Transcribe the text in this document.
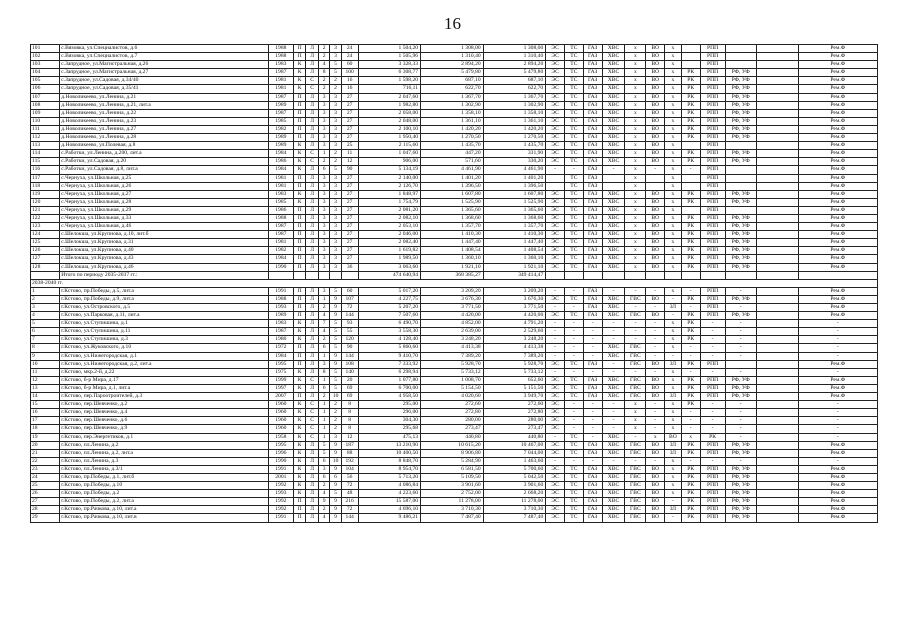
16
101	с.Вязовка, ул.Специалистов, д.6	1988	П	Л	2	3	24	1 504,20	1 308,00	1 308,00	ЭС	ТС	ГАЗ	ХВС	х	ВО	х		РПП			Рем.Ф
102	с.Вязовка, ул.Специалистов, д.7	1988	П	Л	2	3	24	1 505,96	1 310,40	1 310,40	ЭС	ТС	ГАЗ	ХВС	х	ВО	х		РПП			Рем.Ф
103	с.Запрудное, ул.Магистральная, д.26	1983	К	Л	4	5	60	3 328,33	2 894,20	2 894,20	ЭС	ТС	ГАЗ	ХВС	х	ВО	х		РПП			Рем.Ф
104	с.Запрудное, ул.Магистральная, д.27	1987	К	Л	8	5	100	6 308,77	5 479,80	5 479,80	ЭС	ТС	ГАЗ	ХВС	х	ВО	х	РК	РПП	РФ, УФ		Рем.Ф
105	с.Запрудное, ул.Садовая, д.34/40	1981	К	С	2	2	16	1 598,20	687,10	687,10	ЭС	ТС	ГАЗ	ХВС	х	ВО	х	РК	РПП	РФ, УФ		Рем.Ф
106	с.Запрудное, ул.Садовая, д.35/41	1981	К	С	2	2	16	716,11	622,70	622,70	ЭС	ТС	ГАЗ	ХВС	х	ВО	х	РК	РПП	РФ, УФ		Рем.Ф
107	д.Новоликеево, ул.Ленина, д.21	1987	П	Л	3	3	27	2 047,60	1 367,70	1 367,70	ЭС	ТС	ГАЗ	ХВС	х	ВО	х	РК	РПП	РФ, УФ		Рем.Ф
108	д.Новоликеево, ул.Ленина, д.21, лит.а	1989	П	Л	3	3	27	1 982,80	1 302,90	1 302,90	ЭС	ТС	ГАЗ	ХВС	х	ВО	х	РК	РПП	РФ, УФ		Рем.Ф
109	д.Новоликеево, ул.Ленина, д.22	1987	П	Л	3	3	27	2 058,00	1 358,10	1 358,10	ЭС	ТС	ГАЗ	ХВС	х	ВО	х	РК	РПП	РФ, УФ		Рем.Ф
110	д.Новоликеево, ул.Ленина, д.23	1985	П	Л	3	3	27	2 048,00	1 361,10	1 361,10	ЭС	ТС	ГАЗ	ХВС	х	ВО	х	РК	РПП	РФ, УФ		Рем.Ф
111	д.Новоликеево, ул.Ленина, д.27	1982	П	Л	3	3	27	2 100,10	1 420,20	1 420,20	ЭС	ТС	ГАЗ	ХВС	х	ВО	х	РК	РПП	РФ, УФ		Рем.Ф
112	д.Новоликеево, ул.Ленина, д.28	1989	П	Л	3	3	27	1 950,40	1 270,50	1 270,50	ЭС	ТС	ГАЗ	ХВС	х	ВО	х	РК	РПП	РФ, УФ		Рем.Ф
113	д.Новоликеево, ул.Полевая, д.8	1989	К	Л	3	3	25	2 115,60	1 435,70	1 435,70	ЭС	ТС	ГАЗ	ХВС	х	ВО	х		РПП			Рем.Ф
114	с.Работки, ул.Ленина, д.200, лит.а	1984	К	С	1	2	11	1 047,60	447,20	331,90	ЭС	ТС	ГАЗ	ХВС	х	ВО	х	РК	РПП	РФ, УФ		Рем.Ф
115	с.Работки, ул.Садовая, д.20	1986	К	С	2	2	12	906,00	571,60	330,20	ЭС	ТС	ГАЗ	ХВС	х	ВО	х	РК	РПП	РФ, УФ		Рем.Ф
116	с.Работки, ул.Садовая, д.8, лит.а	1984	К	Л	6	5	90	5 134,19	4 461,90	4 461,90	-	-	ГАЗ	-	х	-	х	-	РПП			Рем.Ф
117	с.Чернуха, ул.Школьная, д.25	1981	П	Л	3	3	27	2 140,00	1 401,20	1 401,20		ТС	ГАЗ		х		х		РПП			Рем.Ф
118	с.Чернуха, ул.Школьная, д.26	1981	П	Л	3	3	27	2 126,70	1 396,50	1 396,50		ТС	ГАЗ		х		х		РПП			Рем.Ф
119	с.Чернуха, ул.Школьная, д.27	1983	К	Л	3	3	27	1 848,97	1 607,80	1 607,80	ЭС	ТС	ГАЗ	ХВС	х	ВО	х	РК	РПП	РФ, УФ		Рем.Ф
120	с.Чернуха, ул.Школьная, д.28	1985	К	Л	3	3	27	1 754,79	1 525,90	1 525,90	ЭС	ТС	ГАЗ	ХВС	х	ВО	х	РК	РПП	РФ, УФ		Рем.Ф
121	с.Чернуха, ул.Школьная, д.29	1986	П	Л	3	3	27	2 081,20	1 365,60	1 365,60	ЭС	ТС	ГАЗ	ХВС	х	ВО	х		РПП			Рем.Ф
122	с.Чернуха, ул.Школьная, д.33	1988	П	Л	3	3	27	2 082,10	1 368,60	1 368,60	ЭС	ТС	ГАЗ	ХВС	х	ВО	х	РК	РПП	РФ, УФ		Рем.Ф
123	с.Чернуха, ул.Школьная, д.46	1987	П	Л	3	3	27	2 053,10	1 357,70	1 357,70	ЭС	ТС	ГАЗ	ХВС	х	ВО	х	РК	РПП	РФ, УФ		Рем.Ф
124	с.Шелокша, ул.Крупнова, д.10, лит.б	1987	П	Л	3	3	27	2 046,00	1 410,30	1 410,30	ЭС	ТС	ГАЗ	ХВС	х	ВО	х	РК	РПП	РФ, УФ		Рем.Ф
125	с.Шелокша, ул.Крупнова, д.31	1981	П	Л	3	3	27	2 082,40	1 447,40	1 447,40	ЭС	ТС	ГАЗ	ХВС	х	ВО	х	РК	РПП	РФ, УФ		Рем.Ф
126	с.Шелокша, ул.Крупнова, д.40	1982	П	Л	3	3	27	1 619,82	1 408,54	1 408,54	ЭС	ТС	ГАЗ	ХВС	х	ВО	х	РК	РПП	РФ, УФ		Рем.Ф
127	с.Шелокша, ул.Крупнова, д.43	1984	П	Л	3	3	27	1 989,50	1 360,10	1 360,10	ЭС	ТС	ГАЗ	ХВС	х	ВО	х	РК	РПП	РФ, УФ		Рем.Ф
128	с.Шелокша, ул.Крупнова, д.46	1990	П	Л	3	3	36	3 063,60	1 921,10	1 921,10	ЭС	ТС	ГАЗ	ХВС	х	ВО	х	РК	РПП	РФ, УФ		Рем.Ф
	Итого по периоду 2035-2037 гг.:							474 640,94	368 385,27	349 414,47												
2038-2040 гг.																						
1	г.Кстово, пр.Победы, д.5, лит.а	1991	П	Л	3	5	60	5 017,20	3 209,20	3 209,20	-	-	ГАЗ	-	-	-	х	-	РПП	-		Рем.Ф
2	г.Кстово, пр.Победы, д.9, лит.а	1988	П	Л	1	9	107	4 227,75	3 676,30	3 676,30	ЭС	ТС	ГАЗ	ХВС	ГВС	ВО	-	РК	РПП	РФ, УФ		Рем.Ф
3	г.Кстово, ул.Островского, д.5	1993	П	Л	2	9	72	5 207,20	3 771,50	3 771,50	-	-	ГАЗ	ХВС	-	-	ЗЛ	-	РПП	-		Рем.Ф
4	г.Кстово, ул.Парковая, д.11, лит.а	1989	П	Л	4	9	144	7 507,60	4 420,00	4 420,00	ЭС	ТС	ГАЗ	ХВС	ГВС	ВО	-	РК	РПП	РФ, УФ		Рем.Ф
5	г.Кстово, ул.Ступишина, д.1	1983	К	Л	7	5	93	6 490,70	4 852,00	4 791,20	-	-	-	-	-	-	х	РК	-	-		-
6	г.Кстово, ул.Ступишина, д.11	1987	К	Л	4	5	55	3 558,30	2 639,00	2 529,60	-	-	-	-	-	-	х	РК	-	-		-
7	г.Кстово, ул.Ступишина, д.3	1980	К	Л	2	5	120	4 128,40	3 248,20	3 248,20	-	-	-	-	-	-	х	РК	-	-		-
8	г.Кстово, ул.Жуковского, д.10	1972	П	Л	6	5	90	5 860,60	4 413,38	4 413,38	-	-	-	ХВС	ГВС	-	х	-	-	-		-
9	г.Кстово, ул.Нижегородская, д.1	1984	П	Л	1	9	144	9 410,70	7 389,20	7 389,20	-	-	-	ХВС	ГВС	-	-	-	-	-		-
10	г.Кстово, ул.Нижегородская, д.2, лит.а	1995	П	Л	3	9	108	7 333,92	5 928,70	5 928,70	ЭС	ТС	ГАЗ	-	ГВС	ВО	ЗЛ	РК	РПП			Рем.Ф
11	г.Кстово, мкр.2-й, д.22	1975	К	Л	8	5	140	6 298,94	5 733,12	5 733,12	-	-	-	-	-	-	х	-	-	-		-
12	г.Кстово, б-р Мира, д.17	1999	К	С	1	5	20	1 077,80	1 008,70	652,60	ЭС	ТС	ГАЗ	ХВС	ГВС	ВО	х	РК	РПП	РФ, УФ		Рем.Ф
13	г.Кстово, б-р Мира, д.1, лит.а	1997	К	Л	6	5	69	6 700,00	5 154,50	5 151,50	ЭС	ТС	ГАЗ	ХВС	ГВС	ВО	х	РК	РПП	РФ, УФ		Рем.Ф
14	г.Кстово, пер.Пароотроителей, д.3	2007	П	Л	2	10	69	4 958,50	4 020,60	3 949,70	ЭС	ТС	ГАЗ	ХВС	ГВС	ВО	ЗЛ	РК	РПП	РФ, УФ		Рем.Ф
15	г.Кстово, пер.Шевченко, д.2	1960	К	С	1	2	8	295,00	272,60	272,60	ЭС	-	-	-	х	-	х	РК	-	-		-
16	г.Кстово, пер.Шевченко, д.4	1960	К	С	1	2	8	296,00	272,80	272,80	ЭС	-	-	-	х	-	х	-	-	-		-
17	г.Кстово, пер.Шевченко, д.6	1960	К	С	1	2	8	304,30	280,00	280,00	ЭС	-	-	-	х	-	х	-	-	-		-
18	г.Кстово, пер.Шевченко, д.9	1960	К	С	1	2	8	295,68	273,47	273,47	ЭС	-	-	-	х	-	х	-	-	-		-
19	г.Кстово, пер.Энергетиков, д.1	1958	К	С	1	3	12	475,13	440,80	440,80	-	ТС	-	ХВС	-	х	ВО	х	РК	-		-
20	г.Кстово, пл.Ленина, д.2	1995	К	Л	5	9	187	13 210,90	10 615,20	10 467,00	ЭС	ТС	ГАЗ	ХВС	ГВС	ВО	ЗЛ	РК	РПП	РФ, УФ		Рем.Ф
21	г.Кстово, пл.Ленина, д.2, лит.а	1996	К	Л	5	9	88	10 400,50	8 906,80	7 044,00	ЭС	ТС	ГАЗ	ХВС	ГВС	ВО	ЗЛ	РК	РПП	РФ, УФ		Рем.Ф
22	г.Кстово, пл.Ленина, д.3	1990	К	Л	6	10	192	8 848,70	5 284,90	1 463,60	-	-	-	-	-	-	х	-	-	-		-
23	г.Кстово, пл.Ленина, д.3/1	1991	К	Л	3	9	104	8 954,70	6 581,50	5 700,60	ЭС	ТС	ГАЗ	ХВС	ГВС	ВО	х	РК	РПП	РФ, УФ		Рем.Ф
24	г.Кстово, пр.Победы, д.1, лит.б	2001	К	Л	6	6	56	5 713,20	5 109,50	5 042,50	ЭС	ТС	ГАЗ	ХВС	ГВС	ВО	х	РК	РПП	РФ, УФ		Рем.Ф
25	г.Кстово, пр.Победы, д.10	1992	К	Л	2	9	72	4 086,84	3 901,60	3 901,60	ЭС	ТС	ГАЗ	ХВС	ГВС	ВО	х	РК	РПП	РФ, УФ		Рем.Ф
26	г.Кстово, пр.Победы, д.2	1993	К	Л	4	5	48	4 223,60	2 752,00	2 668,20	ЭС	ТС	ГАЗ	ХВС	ГВС	ВО	х	РК	РПП	РФ, УФ		Рем.Ф
27	г.Кстово, пр.Победы, д.2, лит.а	1992	П	Л	9	9	216	15 587,00	11 278,00	11 278,00	ЭС	ТС	ГАЗ	ХВС	ГВС	ВО	-	РК	РПП	РФ, УФ		Рем.Ф
28	г.Кстово, пр.Рачкова, д.10, лит.а	1992	П	Л	2	9	72	4 696,10	3 710,30	3 710,30	ЭС	ТС	ГАЗ	ХВС	ГВС	ВО	ЗЛ	РК	РПП	РФ, УФ		Рем.Ф
29	г.Кстово, пр.Рачкова, д.10, лит.в	1991	П	Л	4	9	144	9 486,21	7 487,40	7 487,40	ЭС	ТС	ГАЗ	ХВС	ГВС	ВО	-	РК	РПП	РФ, УФ		Рем.Ф
